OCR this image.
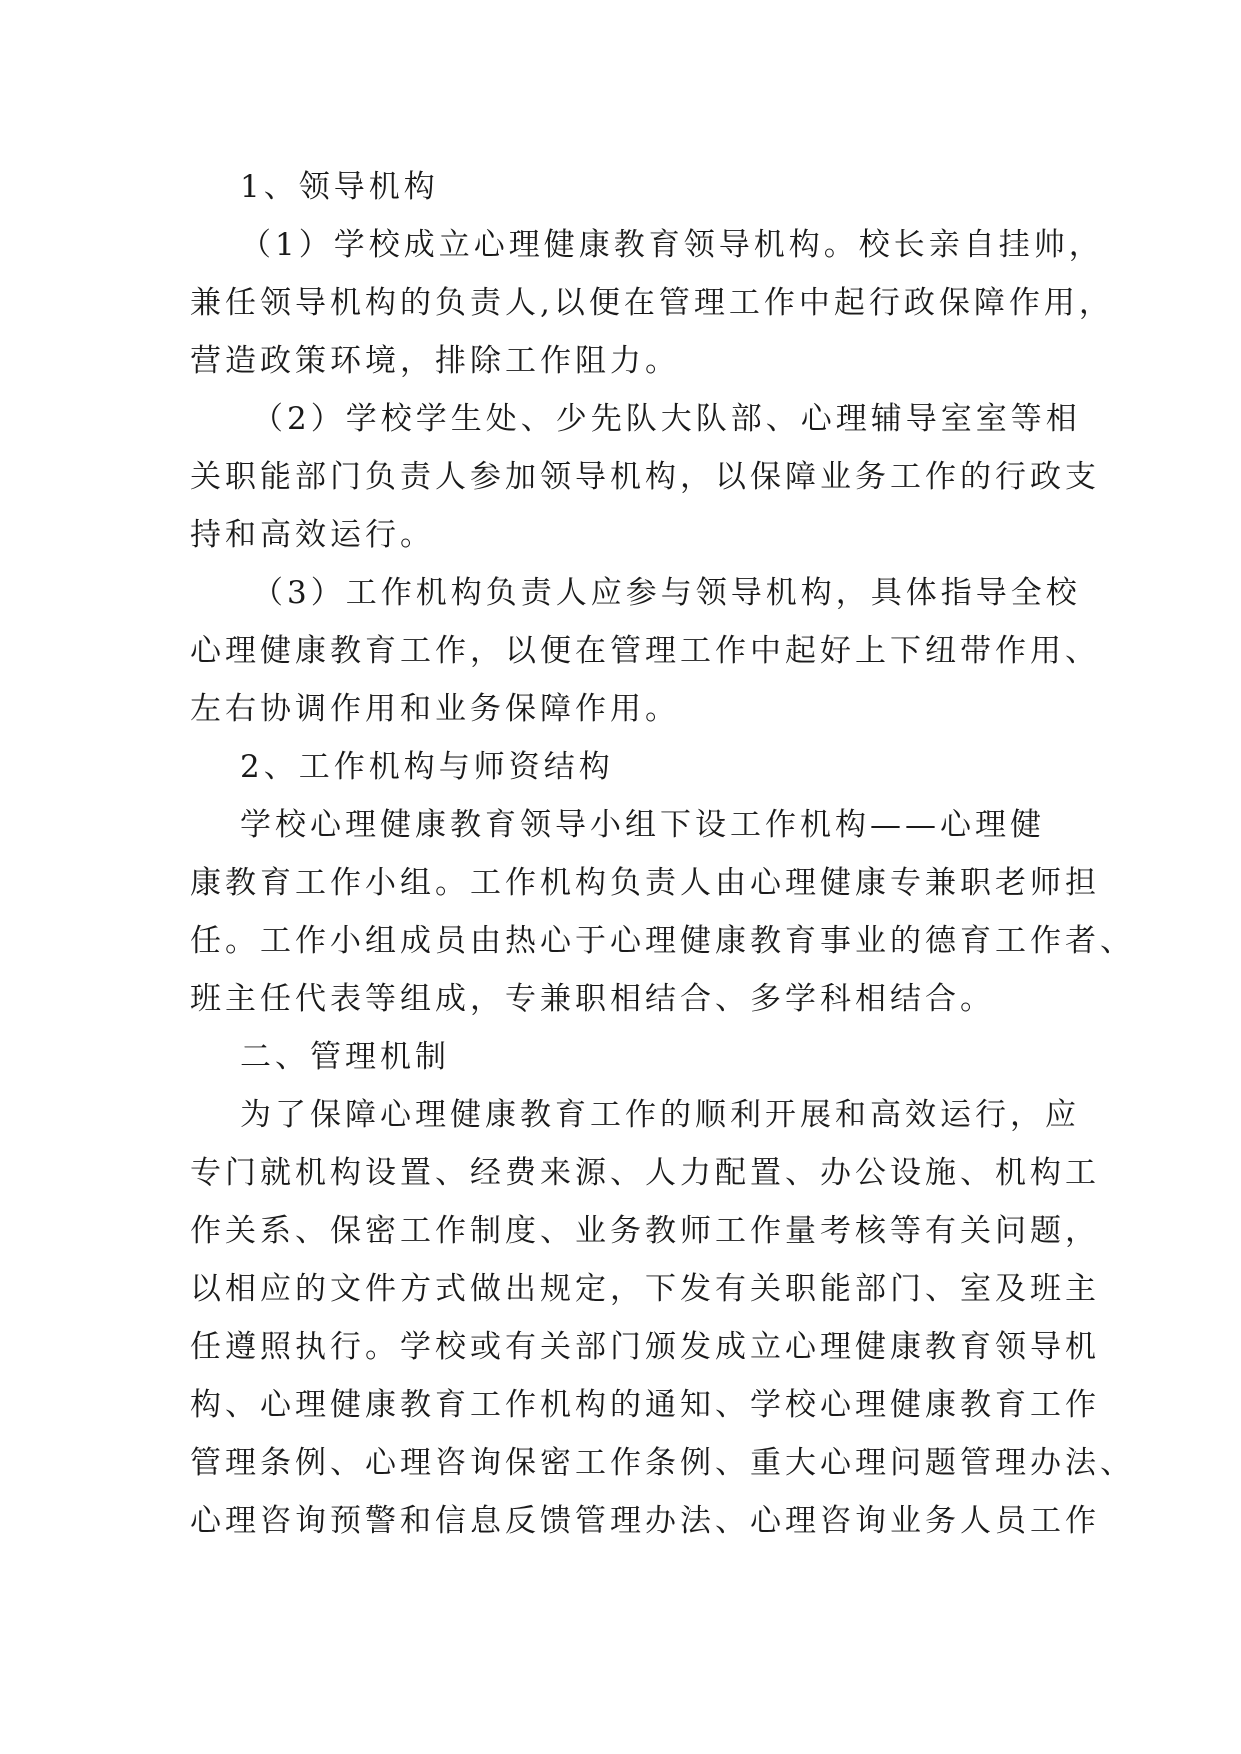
1、领导机构
（1）学校成立心理健康教育领导机构。校长亲自挂帅，
兼任领导机构的负责人,以便在管理工作中起行政保障作用，
营造政策环境，排除工作阻力。
（2）学校学生处、少先队大队部、心理辅导室室等相
关职能部门负责人参加领导机构，以保障业务工作的行政支
持和高效运行。
（3）工作机构负责人应参与领导机构，具体指导全校
心理健康教育工作，以便在管理工作中起好上下纽带作用、
左右协调作用和业务保障作用。
2、工作机构与师资结构
学校心理健康教育领导小组下设工作机构——心理健
康教育工作小组。工作机构负责人由心理健康专兼职老师担
任。工作小组成员由热心于心理健康教育事业的德育工作者、
班主任代表等组成，专兼职相结合、多学科相结合。
二、管理机制
为了保障心理健康教育工作的顺利开展和高效运行，应
专门就机构设置、经费来源、人力配置、办公设施、机构工
作关系、保密工作制度、业务教师工作量考核等有关问题，
以相应的文件方式做出规定，下发有关职能部门、室及班主
任遵照执行。学校或有关部门颁发成立心理健康教育领导机
构、心理健康教育工作机构的通知、学校心理健康教育工作
管理条例、心理咨询保密工作条例、重大心理问题管理办法、
心理咨询预警和信息反馈管理办法、心理咨询业务人员工作
